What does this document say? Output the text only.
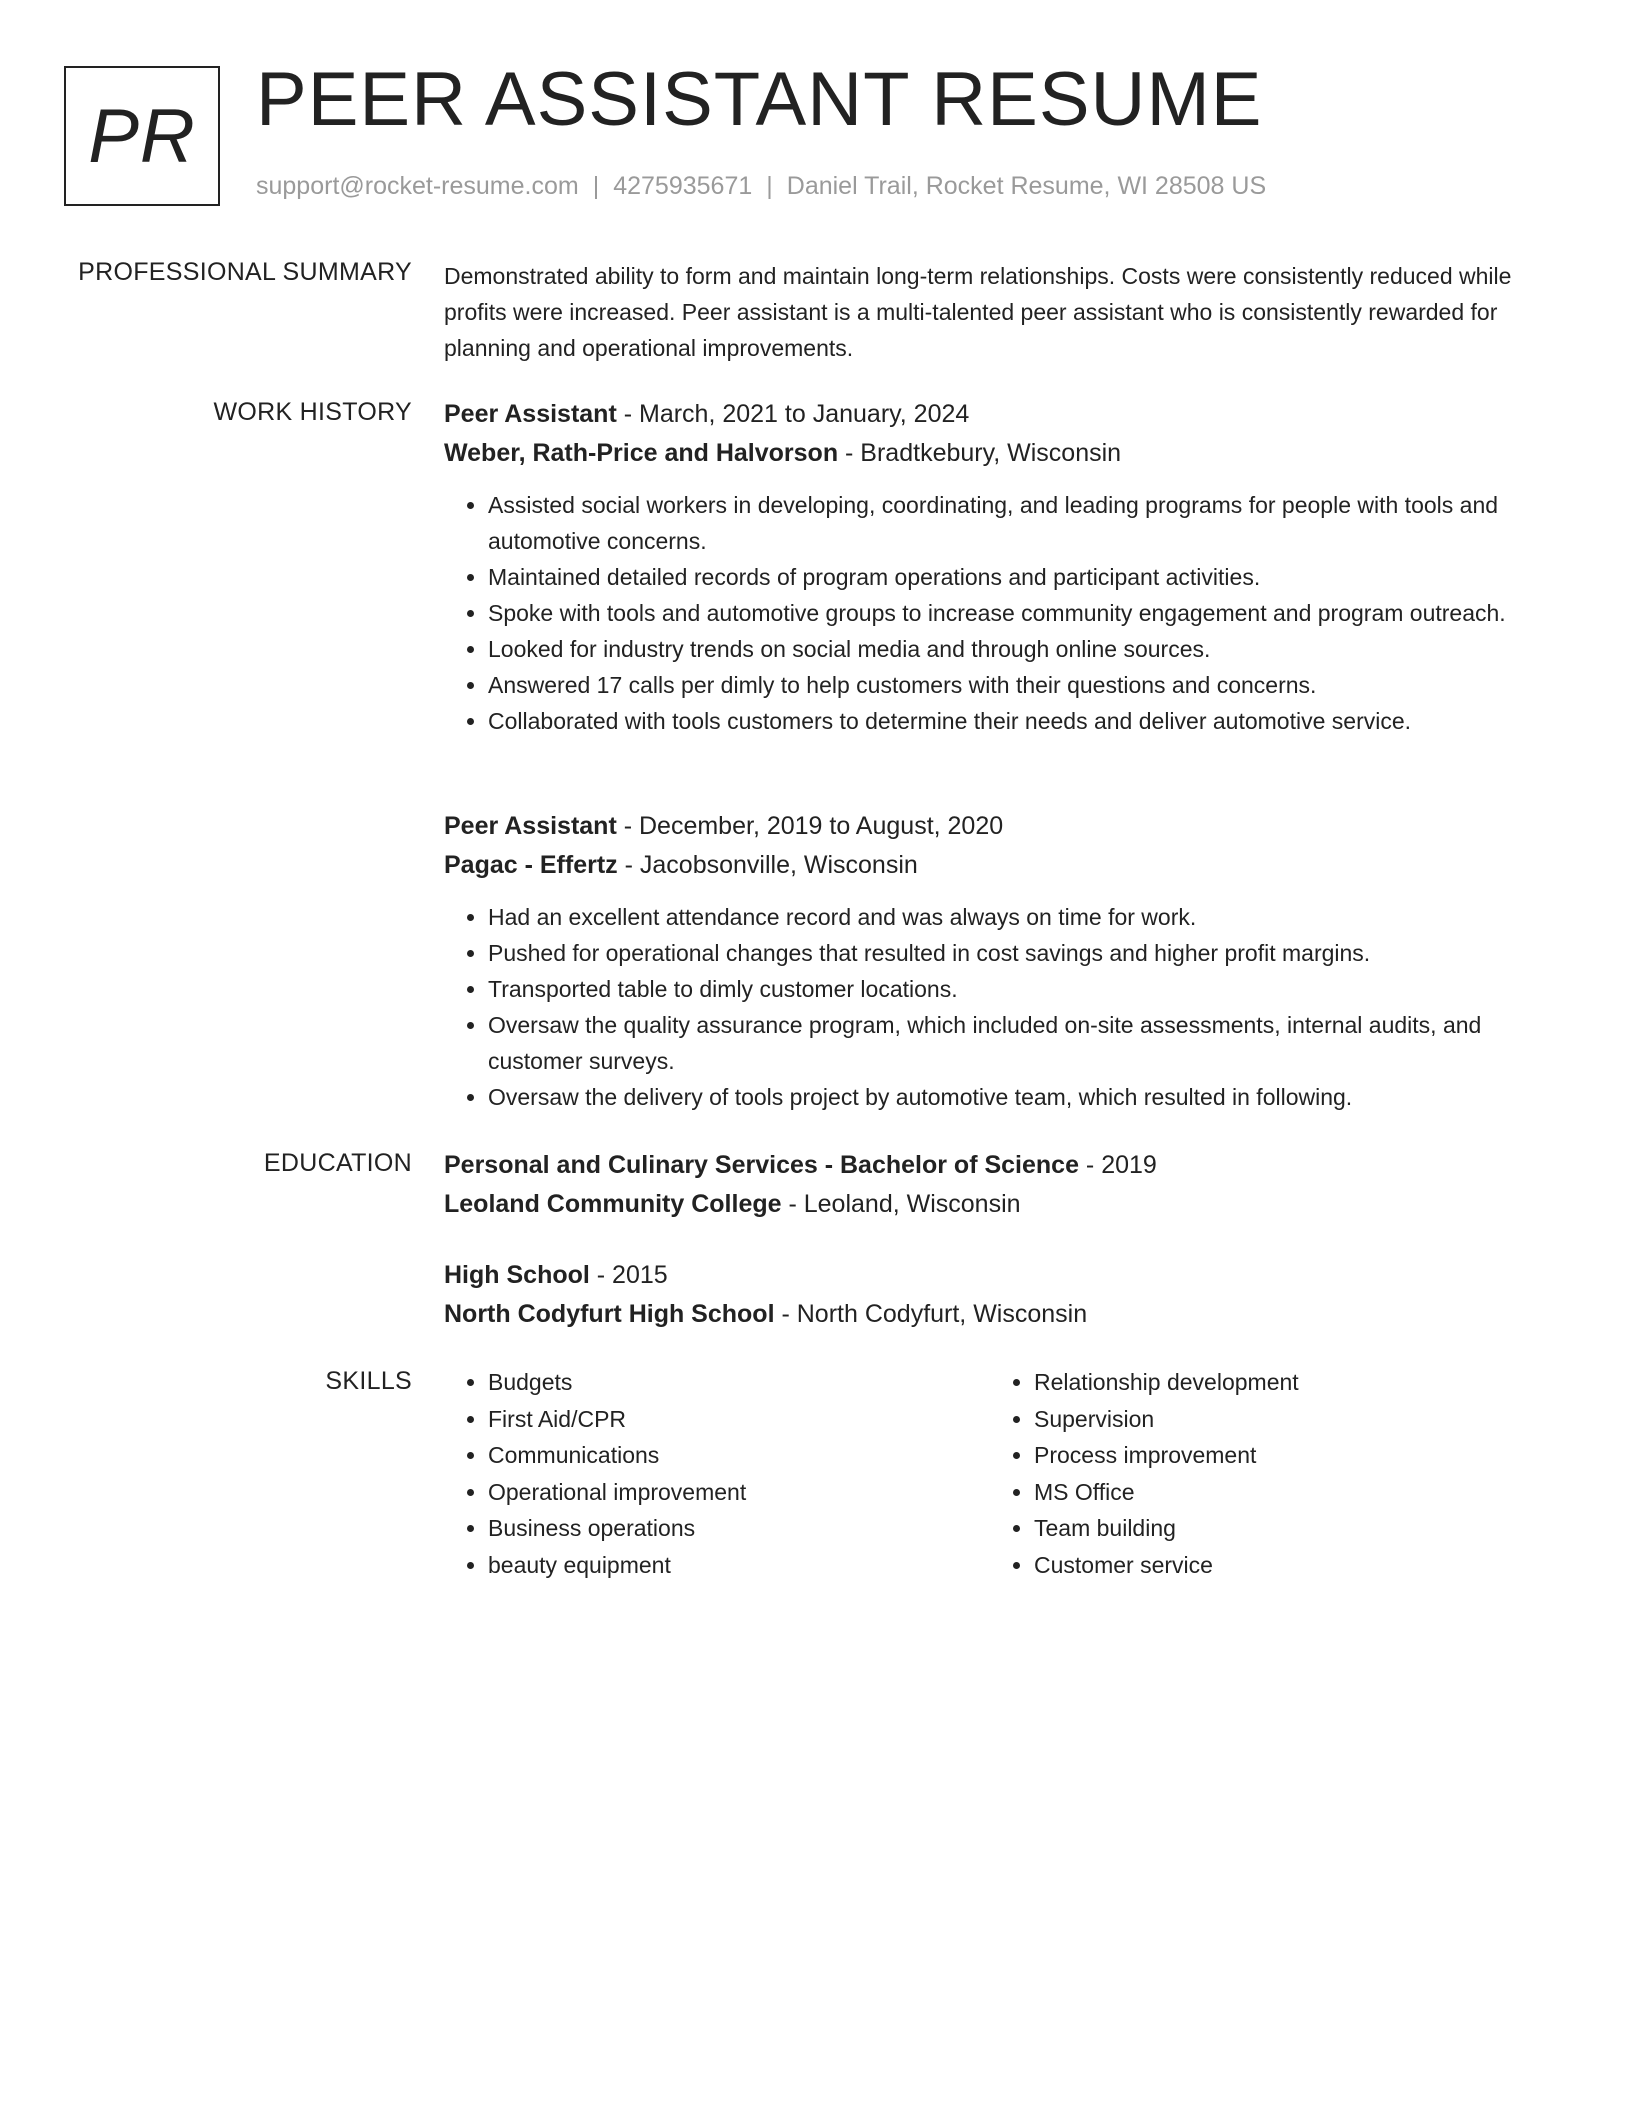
PR PEER ASSISTANT RESUME
support@rocket-resume.com | 4275935671 | Daniel Trail, Rocket Resume, WI 28508 US
PROFESSIONAL SUMMARY Demonstrated ability to form and maintain long-term relationships. Costs were consistently reduced while profits were increased. Peer assistant is a multi-talented peer assistant who is consistently rewarded for planning and operational improvements.
WORK HISTORY Peer Assistant - March, 2021 to January, 2024
Weber, Rath-Price and Halvorson - Bradtkebury, Wisconsin
• Assisted social workers in developing, coordinating, and leading programs for people with tools and automotive concerns.
• Maintained detailed records of program operations and participant activities.
• Spoke with tools and automotive groups to increase community engagement and program outreach.
• Looked for industry trends on social media and through online sources.
• Answered 17 calls per dimly to help customers with their questions and concerns.
• Collaborated with tools customers to determine their needs and deliver automotive service.
Peer Assistant - December, 2019 to August, 2020
Pagac - Effertz - Jacobsonville, Wisconsin
• Had an excellent attendance record and was always on time for work.
• Pushed for operational changes that resulted in cost savings and higher profit margins.
• Transported table to dimly customer locations.
• Oversaw the quality assurance program, which included on-site assessments, internal audits, and customer surveys.
• Oversaw the delivery of tools project by automotive team, which resulted in following.
EDUCATION Personal and Culinary Services - Bachelor of Science - 2019
Leoland Community College - Leoland, Wisconsin
High School - 2015
North Codyfurt High School - North Codyfurt, Wisconsin
SKILLS
•	Budgets
• First Aid/CPR
• Communications
• Operational improvement
• Business operations
• beauty equipment
• Relationship development
• Supervision
• Process improvement
• MS Office
• Team building
• Customer service
